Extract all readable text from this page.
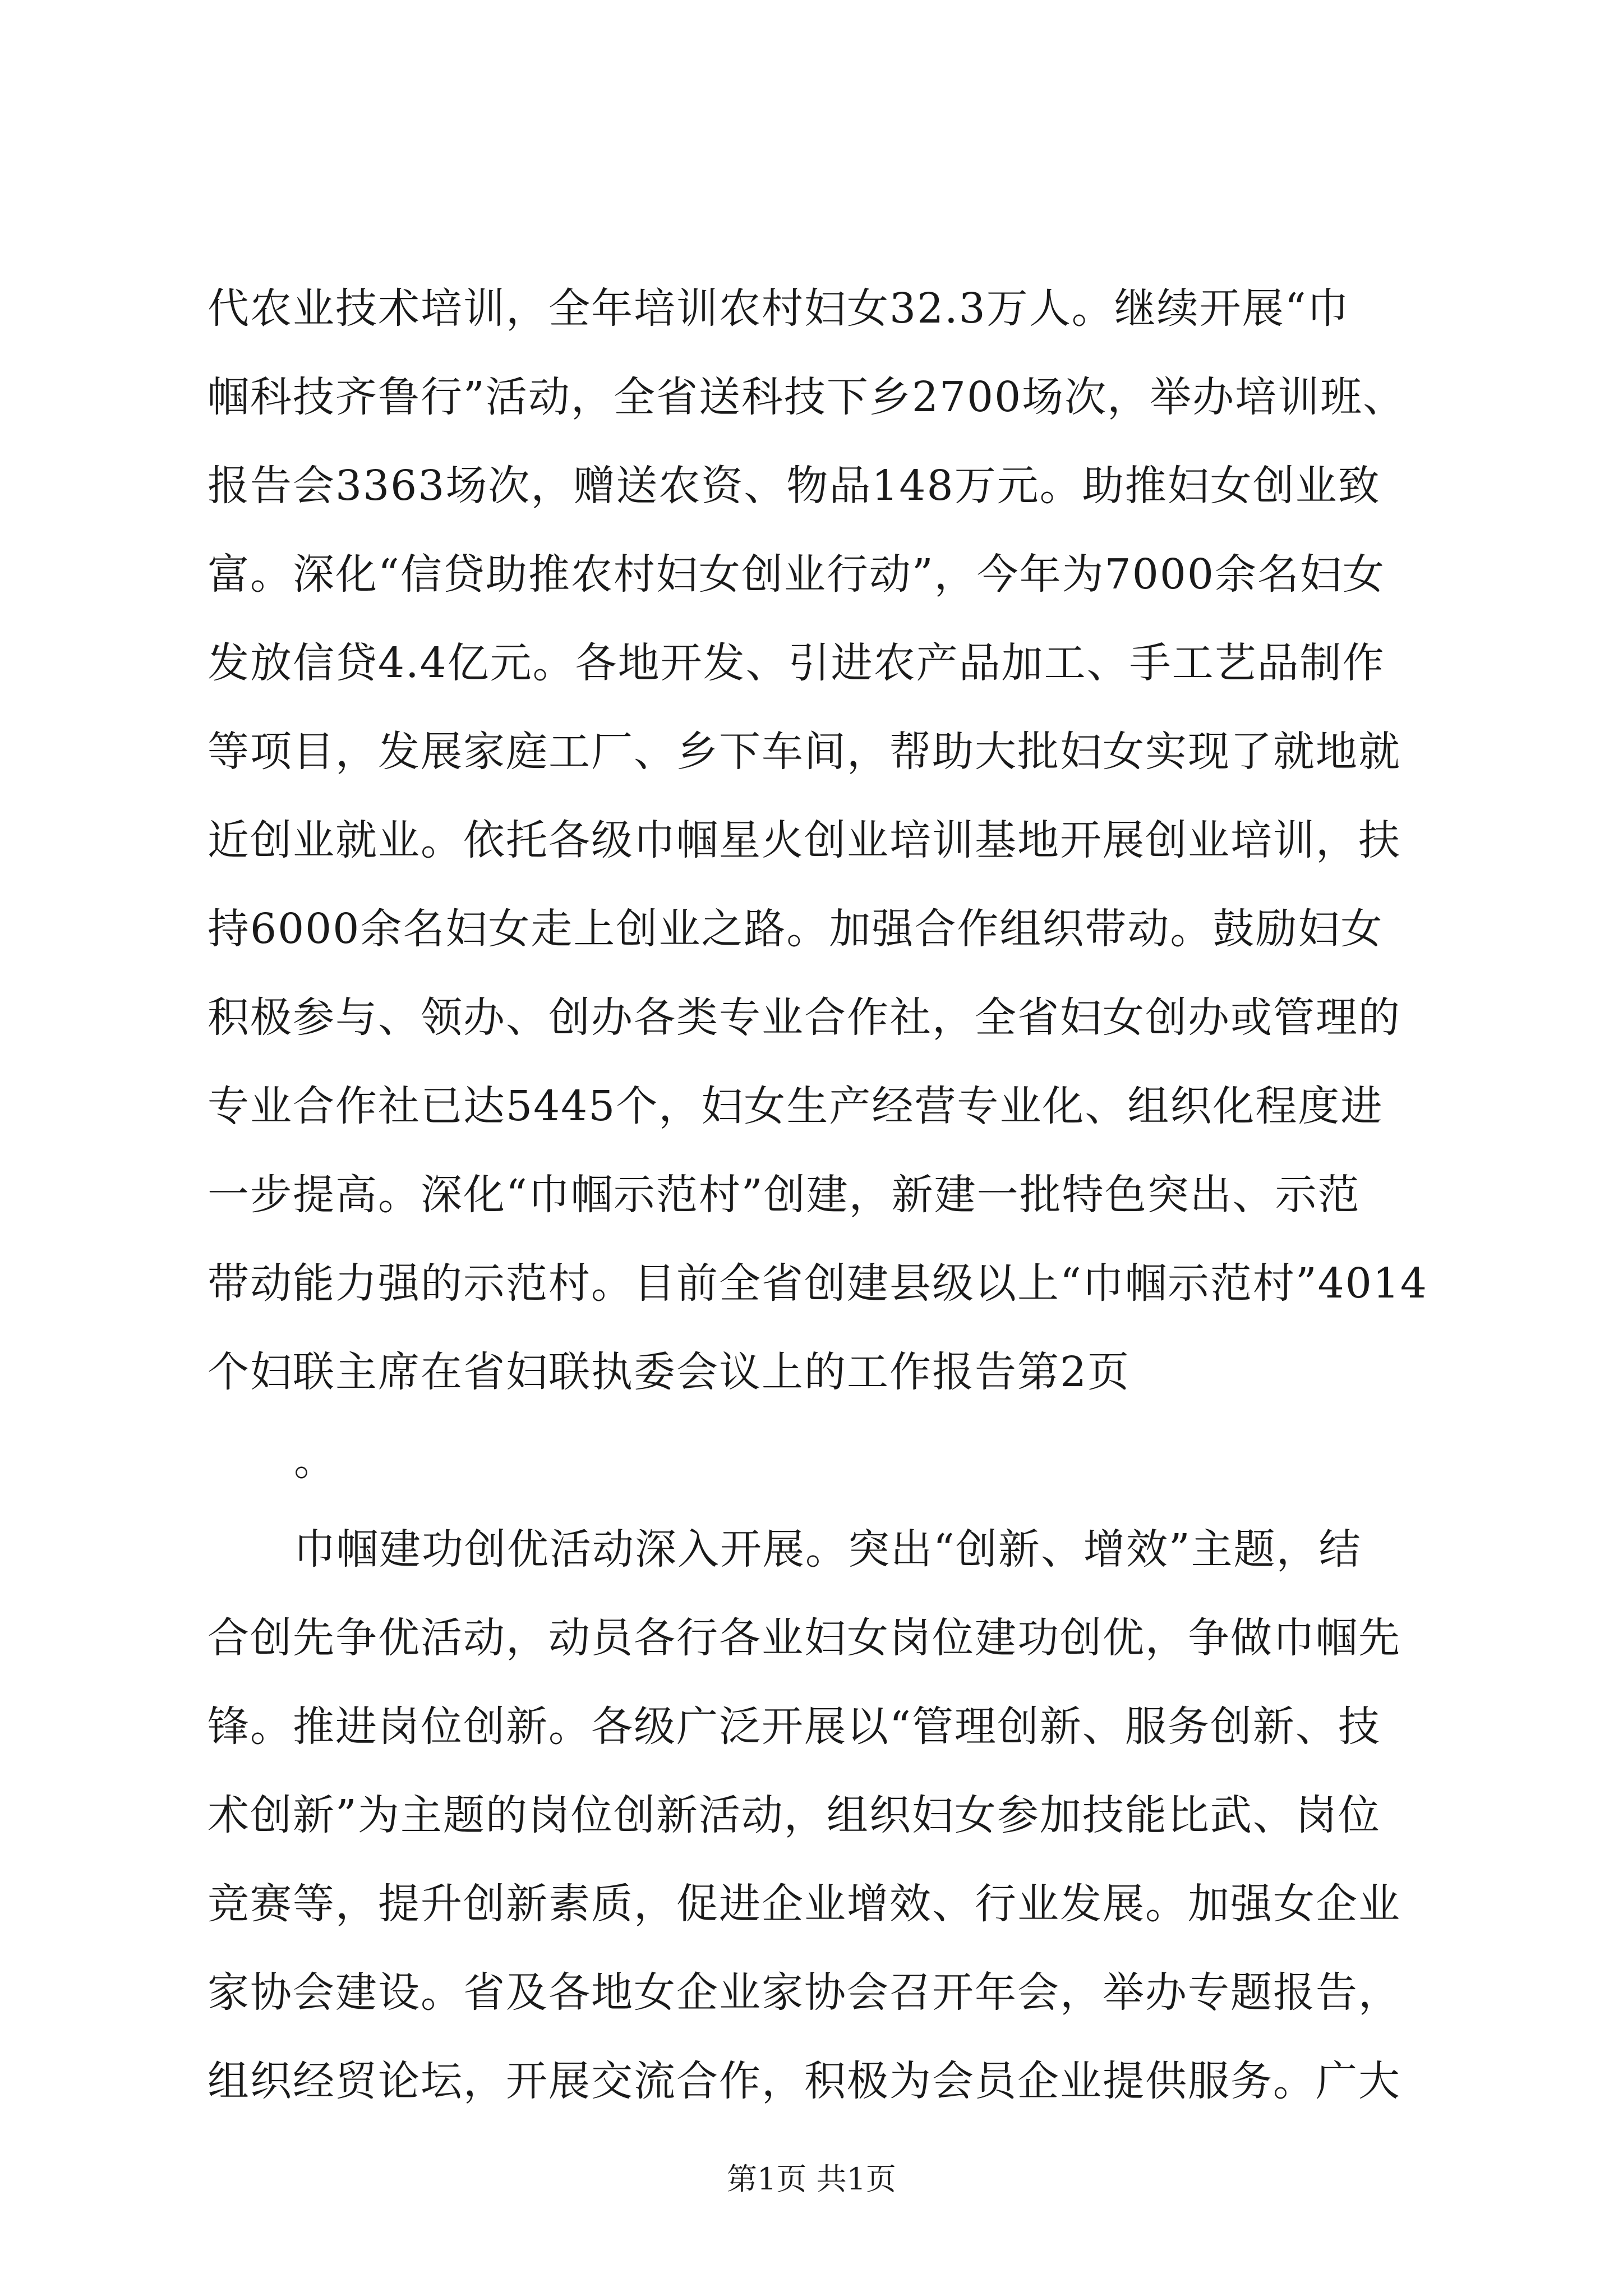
代农业技术培训，全年培训农村妇女32.3万人。继续开展“巾
帼科技齐鲁行”活动，全省送科技下乡2700场次，举办培训班、
报告会3363场次，赠送农资、物品148万元。助推妇女创业致
富。深化“信贷助推农村妇女创业行动”，今年为7000余名妇女
发放信贷4.4亿元。各地开发、引进农产品加工、手工艺品制作
等项目，发展家庭工厂、乡下车间，帮助大批妇女实现了就地就
近创业就业。依托各级巾帼星火创业培训基地开展创业培训，扶
持6000余名妇女走上创业之路。加强合作组织带动。鼓励妇女
积极参与、领办、创办各类专业合作社，全省妇女创办或管理的
专业合作社已达5445个，妇女生产经营专业化、组织化程度进
一步提高。深化“巾帼示范村”创建，新建一批特色突出、示范
带动能力强的示范村。目前全省创建县级以上“巾帼示范村”4014
个妇联主席在省妇联执委会议上的工作报告第2页
。
巾帼建功创优活动深入开展。突出“创新、增效”主题，结
合创先争优活动，动员各行各业妇女岗位建功创优，争做巾帼先
锋。推进岗位创新。各级广泛开展以“管理创新、服务创新、技
术创新”为主题的岗位创新活动，组织妇女参加技能比武、岗位
竞赛等，提升创新素质，促进企业增效、行业发展。加强女企业
家协会建设。省及各地女企业家协会召开年会，举办专题报告，
组织经贸论坛，开展交流合作，积极为会员企业提供服务。广大
第1页 共1页
